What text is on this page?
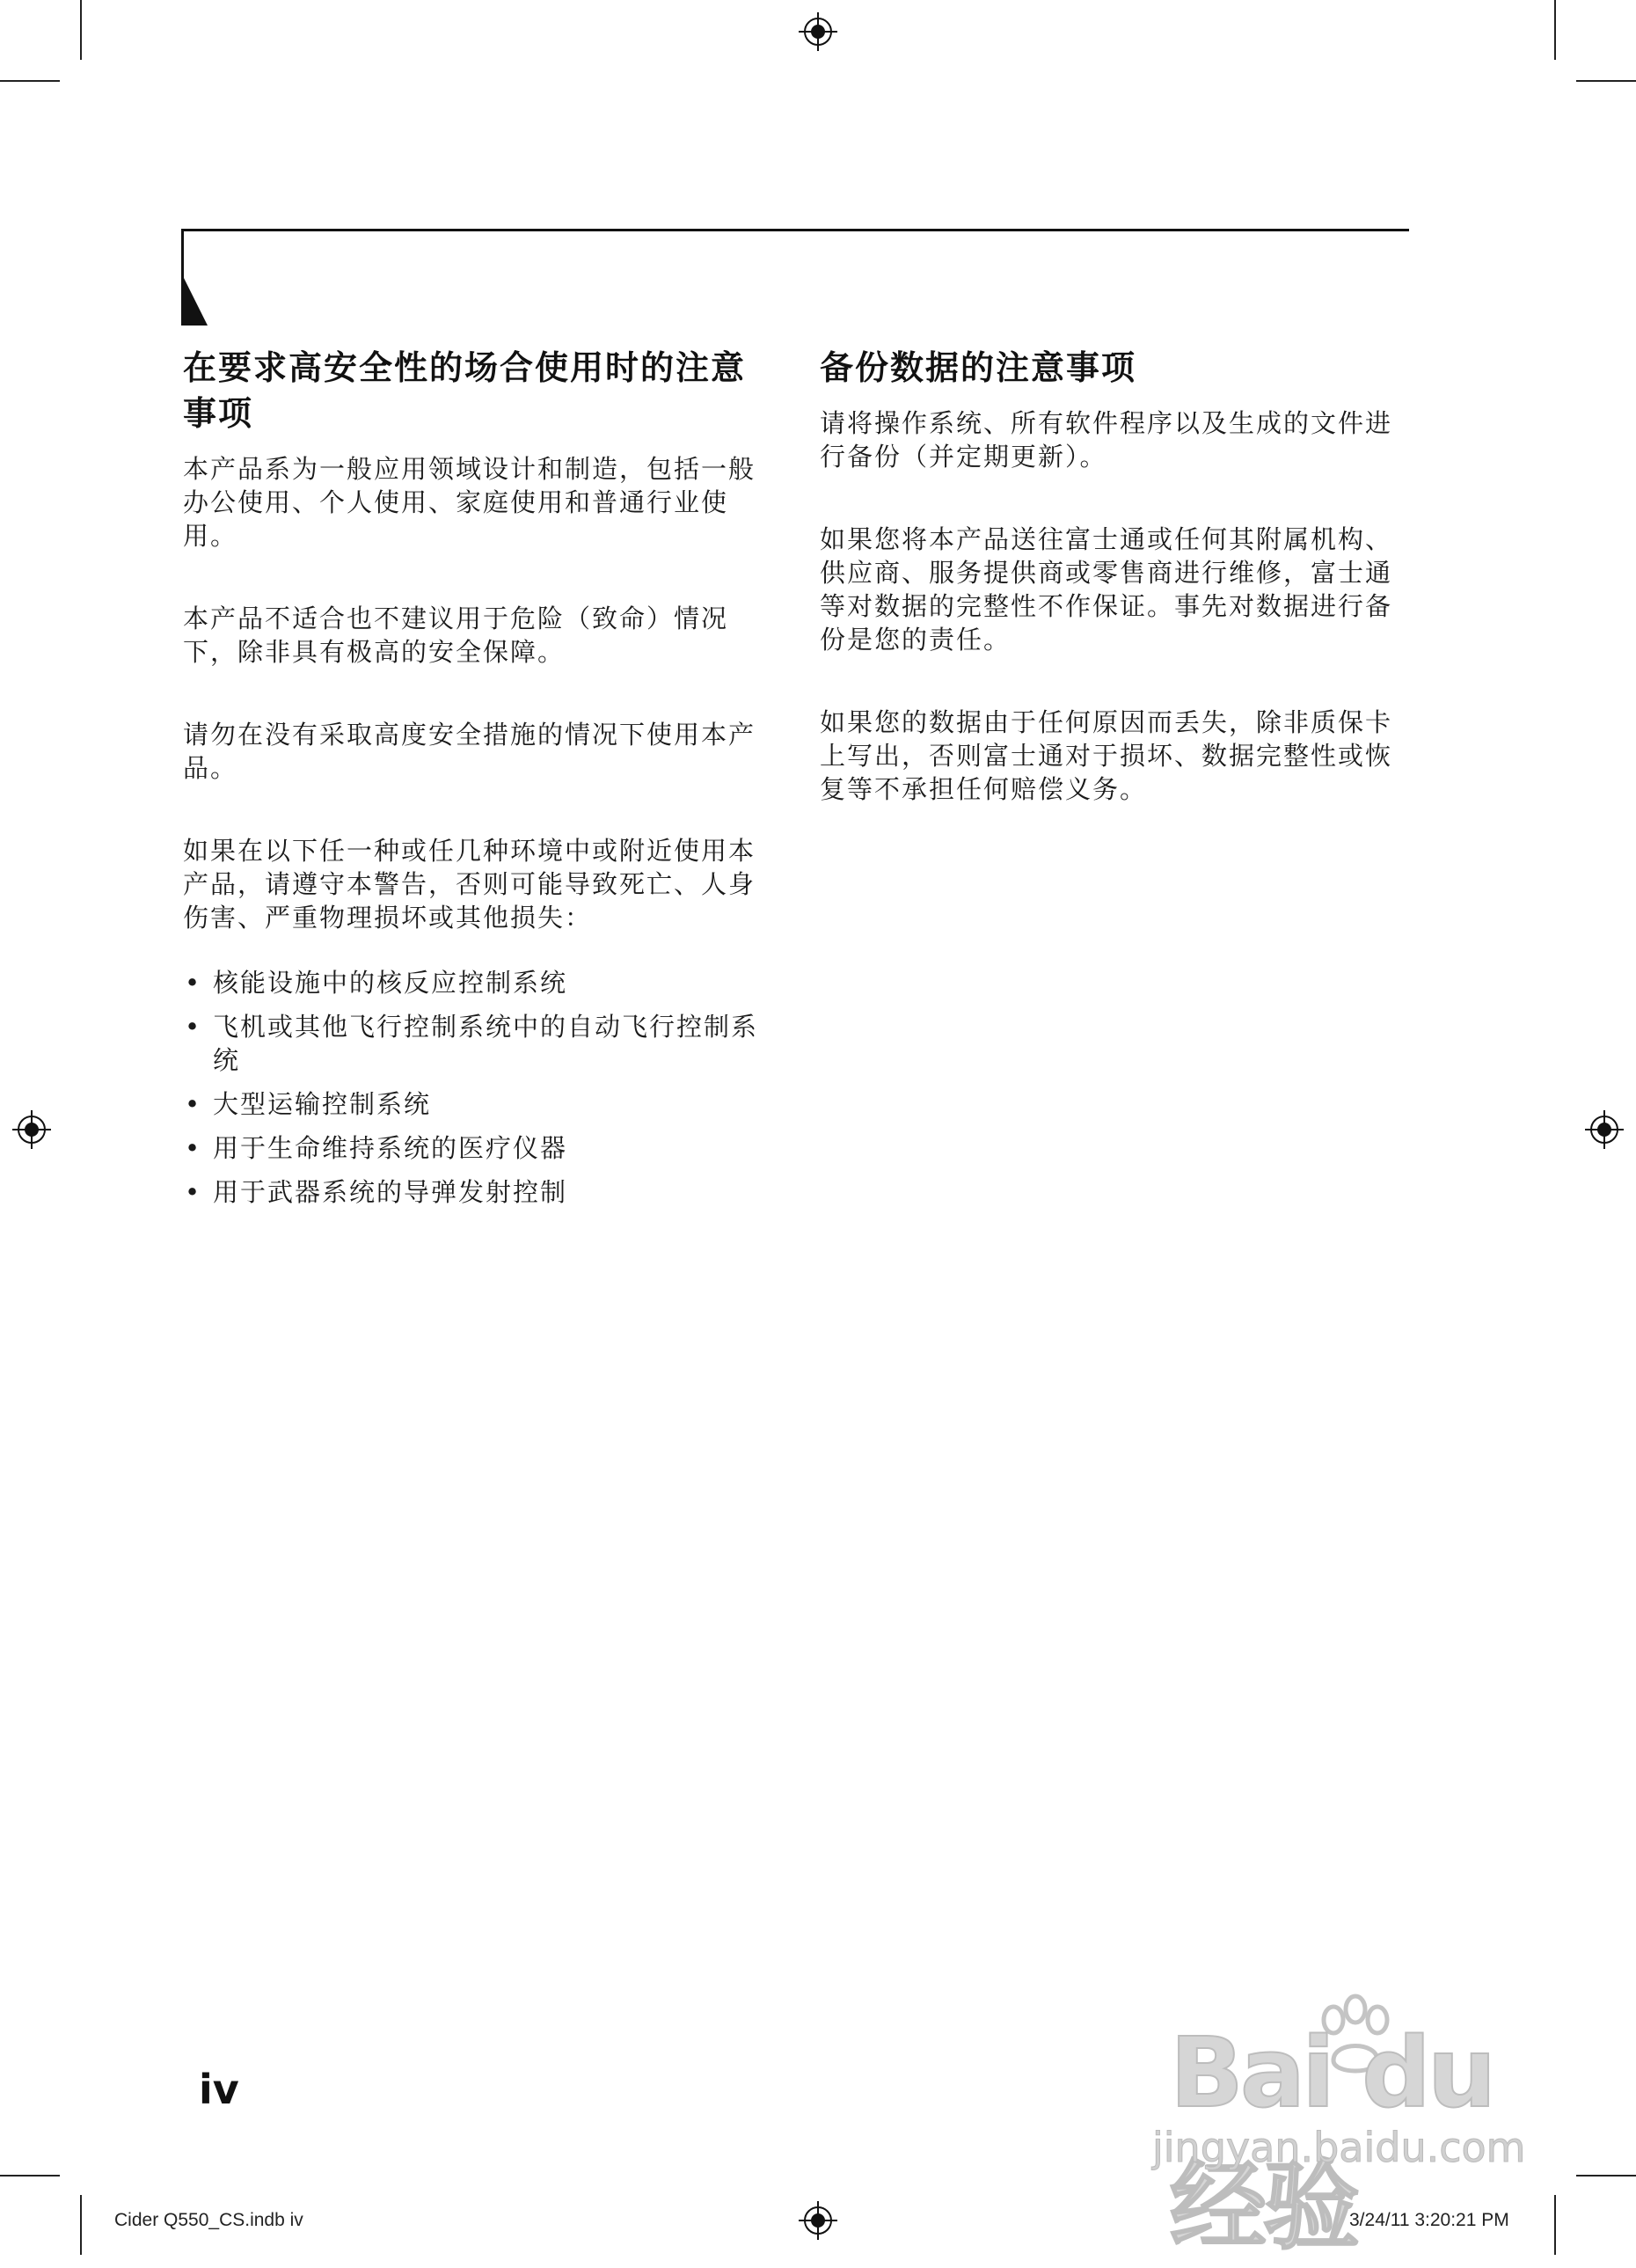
在要求高安全性的场合使用时的注意事项

本产品系为一般应用领域设计和制造，包括一般办公使用、个人使用、家庭使用和普通行业使用。

本产品不适合也不建议用于危险（致命）情况下，除非具有极高的安全保障。

请勿在没有采取高度安全措施的情况下使用本产品。

如果在以下任一种或任几种环境中或附近使用本产品，请遵守本警告，否则可能导致死亡、人身伤害、严重物理损坏或其他损失：

• 核能设施中的核反应控制系统
• 飞机或其他飞行控制系统中的自动飞行控制系统
• 大型运输控制系统
• 用于生命维持系统的医疗仪器
• 用于武器系统的导弹发射控制
备份数据的注意事项

请将操作系统、所有软件程序以及生成的文件进行备份（并定期更新）。

如果您将本产品送往富士通或任何其附属机构、供应商、服务提供商或零售商进行维修，富士通等对数据的完整性不作保证。事先对数据进行备份是您的责任。

如果您的数据由于任何原因而丢失，除非质保卡上写出，否则富士通对于损坏、数据完整性或恢复等不承担任何赔偿义务。

iv	Bai du 经验
jingyan.baidu.com
Cider Q550_CS.indb iv	3/24/11 3:20:21 PM
